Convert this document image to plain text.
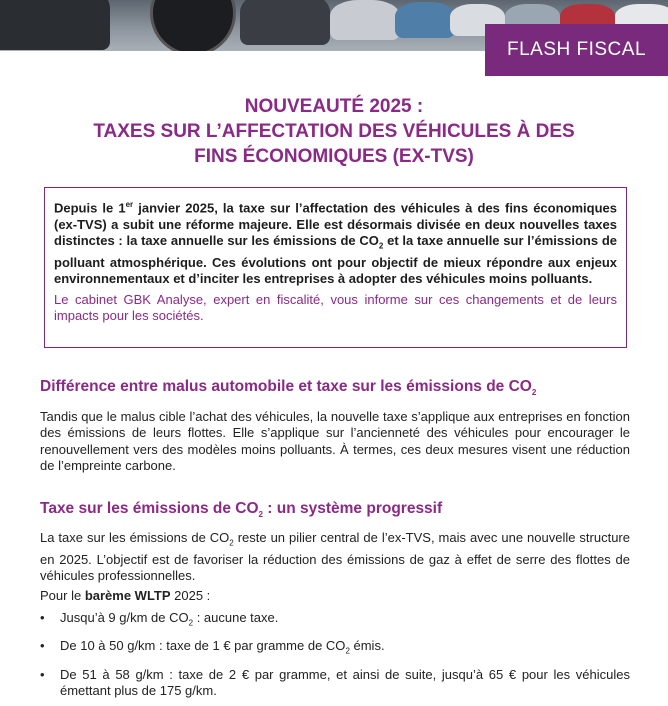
FLASH FISCAL
NOUVEAUTÉ 2025 :
TAXES SUR L’AFFECTATION DES VÉHICULES À DES
FINS ÉCONOMIQUES (EX-TVS)

Depuis le 1er janvier 2025, la taxe sur l’affectation des véhicules à des fins économiques (ex-TVS) a subit une réforme majeure. Elle est désormais divisée en deux nouvelles taxes distinctes : la taxe annuelle sur les émissions de $CO_2$ et la taxe annuelle sur l’émissions de polluant atmosphérique. Ces évolutions ont pour objectif de mieux répondre aux enjeux environnementaux et d’inciter les entreprises à adopter des véhicules moins polluants.

Le cabinet GBK Analyse, expert en fiscalité, vous informe sur ces changements et de leurs impacts pour les sociétés.

Différence entre malus automobile et taxe sur les émissions de $CO_2$

Tandis que le malus cible l’achat des véhicules, la nouvelle taxe s’applique aux entreprises en fonction des émissions de leurs flottes. Elle s’applique sur l’ancienneté des véhicules pour encourager le renouvellement vers des modèles moins polluants. À termes, ces deux mesures visent une réduction de l’empreinte carbone.

Taxe sur les émissions de $CO_2$ : un système progressif

La taxe sur les émissions de $CO_2$ reste un pilier central de l’ex-TVS, mais avec une nouvelle structure en 2025. L’objectif est de favoriser la réduction des émissions de gaz à effet de serre des flottes de véhicules professionnelles.

Pour le barème WLTP 2025 :

• Jusqu’à 9 g/km de $CO_2$ : aucune taxe.
• De 10 à 50 g/km : taxe de 1 € par gramme de $CO_2$ émis.
• De 51 à 58 g/km : taxe de 2 € par gramme, et ainsi de suite, jusqu’à 65 € pour les véhicules émettant plus de 175 g/km.
